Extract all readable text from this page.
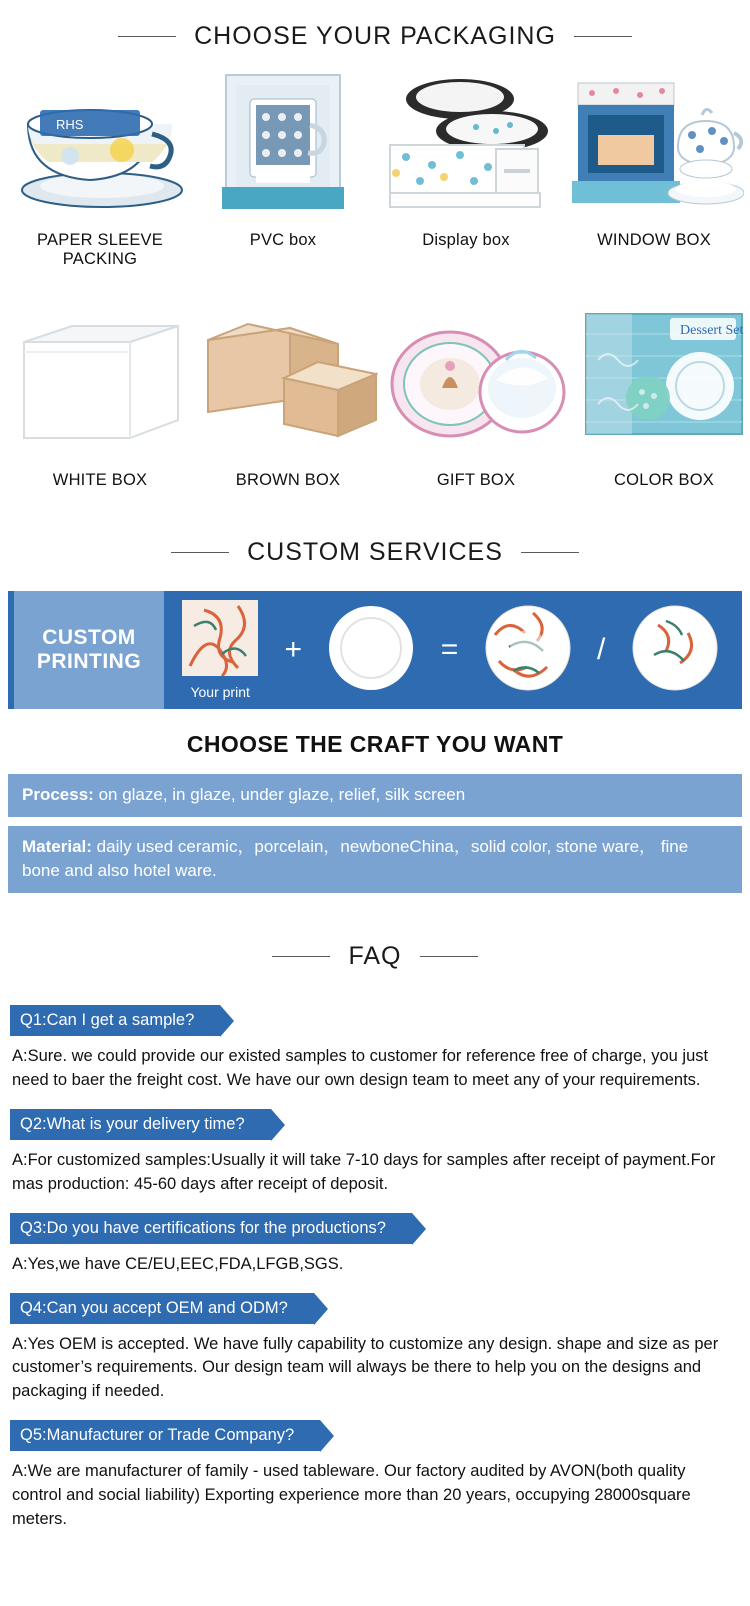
CHOOSE YOUR PACKAGING
RHS
PAPER SLEEVE PACKING
PVC box	Display box	WINDOW BOX
WHITE BOX	BROWN BOX	GIFT BOX
Dessert Set
COLOR BOX
CUSTOM SERVICES
CUSTOM
PRINTING
Your print
+	=	/
CHOOSE THE CRAFT YOU WANT
Process: on glaze, in glaze, under glaze, relief, silk screen
Material: daily used ceramic，porcelain，newboneChina，solid color, stone ware， fine bone and also hotel ware.
FAQ
Q1:Can I get a sample?
A:Sure. we could provide our existed samples to customer for reference free of charge, you just need to baer the freight cost. We have our own design team to meet any of your requirements.
Q2:What is your delivery time?
A:For customized samples:Usually it will take 7-10 days for samples after receipt of payment.For mas production: 45-60 days after receipt of deposit.
Q3:Do you have certifications for the productions?
A:Yes,we have CE/EU,EEC,FDA,LFGB,SGS.
Q4:Can you accept OEM and ODM?
A:Yes OEM is accepted. We have fully capability to customize any design. shape and size as per customer’s requirements. Our design team will always be there to help you on the designs and packaging if needed.
Q5:Manufacturer or Trade Company?
A:We are manufacturer of family - used tableware. Our factory audited by AVON(both quality control and social liability) Exporting experience more than 20 years, occupying 28000square meters.
